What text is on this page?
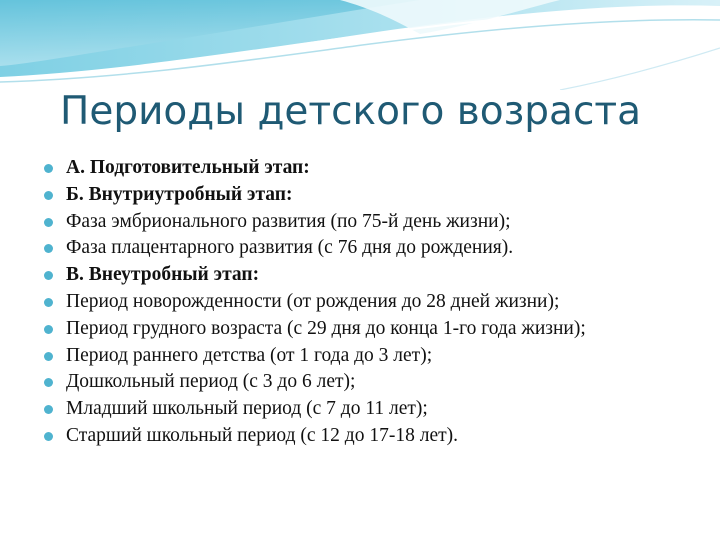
Периоды детского возраста
А. Подготовительный этап:
Б. Внутриутробный этап:
Фаза эмбрионального развития (по 75-й день жизни);
Фаза плацентарного развития (с 76 дня до рождения).
В. Внеутробный этап:
Период новорожденности (от рождения до 28 дней жизни);
Период грудного возраста (с 29 дня до конца 1-го года жизни);
Период раннего детства (от 1 года до 3 лет);
Дошкольный период (с 3 до 6 лет);
Младший школьный период (с 7 до 11 лет);
Старший школьный период (с 12 до 17-18 лет).
